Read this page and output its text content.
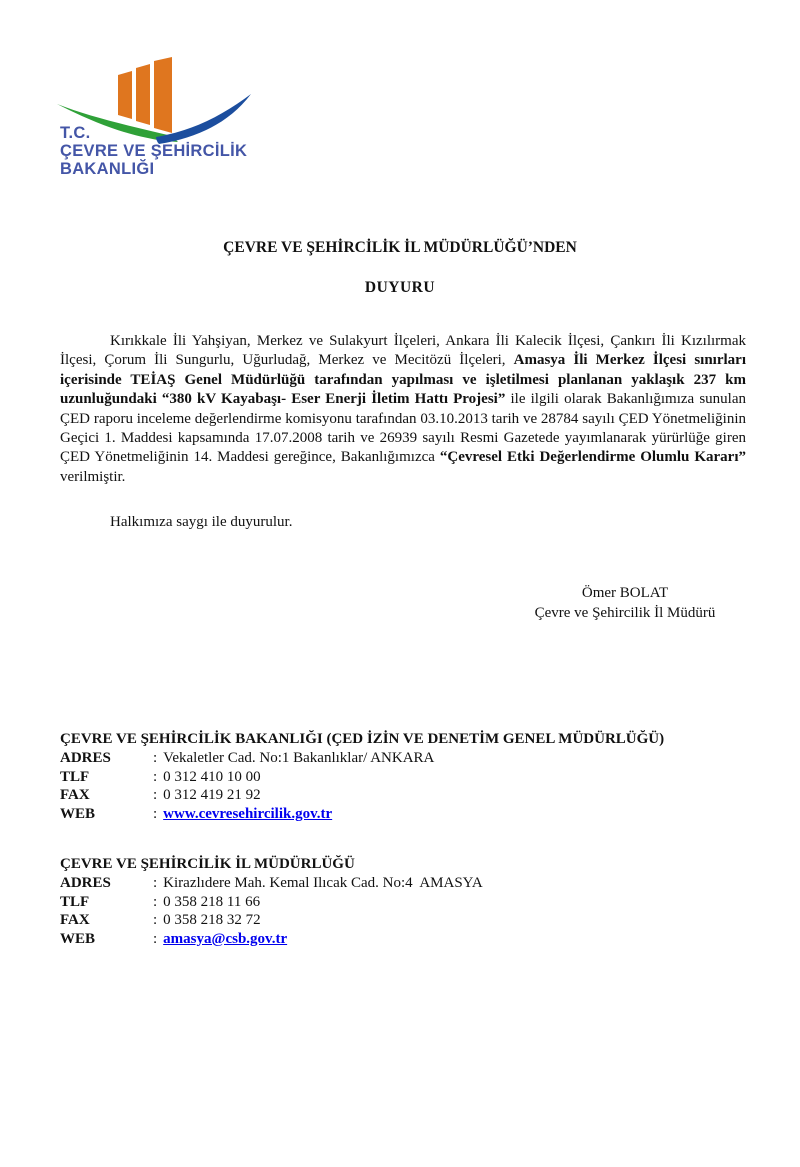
T.C.
ÇEVRE VE ŞEHİRCİLİK
BAKANLIĞI
ÇEVRE VE ŞEHİRCİLİK İL MÜDÜRLÜĞÜ’NDEN
DUYURU
Kırıkkale İli Yahşiyan, Merkez ve Sulakyurt İlçeleri, Ankara İli Kalecik İlçesi, Çankırı İli Kızılırmak İlçesi, Çorum İli Sungurlu, Uğurludağ, Merkez ve Mecitözü İlçeleri, Amasya İli Merkez İlçesi sınırları içerisinde TEİAŞ Genel Müdürlüğü tarafından yapılması ve işletilmesi planlanan yaklaşık 237 km uzunluğundaki “380 kV Kayabaşı- Eser Enerji İletim Hattı Projesi” ile ilgili olarak Bakanlığımıza sunulan ÇED raporu inceleme değerlendirme komisyonu tarafından 03.10.2013 tarih ve 28784 sayılı ÇED Yönetmeliğinin Geçici 1. Maddesi kapsamında 17.07.2008 tarih ve 26939 sayılı Resmi Gazetede yayımlanarak yürürlüğe giren ÇED Yönetmeliğinin 14. Maddesi gereğince, Bakanlığımızca “Çevresel Etki Değerlendirme Olumlu Kararı” verilmiştir.
Halkımıza saygı ile duyurulur.
Ömer BOLAT
Çevre ve Şehircilik İl Müdürü
ÇEVRE VE ŞEHİRCİLİK BAKANLIĞI (ÇED İZİN VE DENETİM GENEL MÜDÜRLÜĞÜ)
ADRES	: Vekaletler Cad. No:1 Bakanlıklar/ ANKARA
TLF	: 0 312 410 10 00
FAX	: 0 312 419 21 92
WEB	: www.cevresehircilik.gov.tr
ÇEVRE VE ŞEHİRCİLİK İL MÜDÜRLÜĞÜ
ADRES	: Kirazlıdere Mah. Kemal Ilıcak Cad. No:4  AMASYA
TLF	: 0 358 218 11 66
FAX	: 0 358 218 32 72
WEB	: amasya@csb.gov.tr
